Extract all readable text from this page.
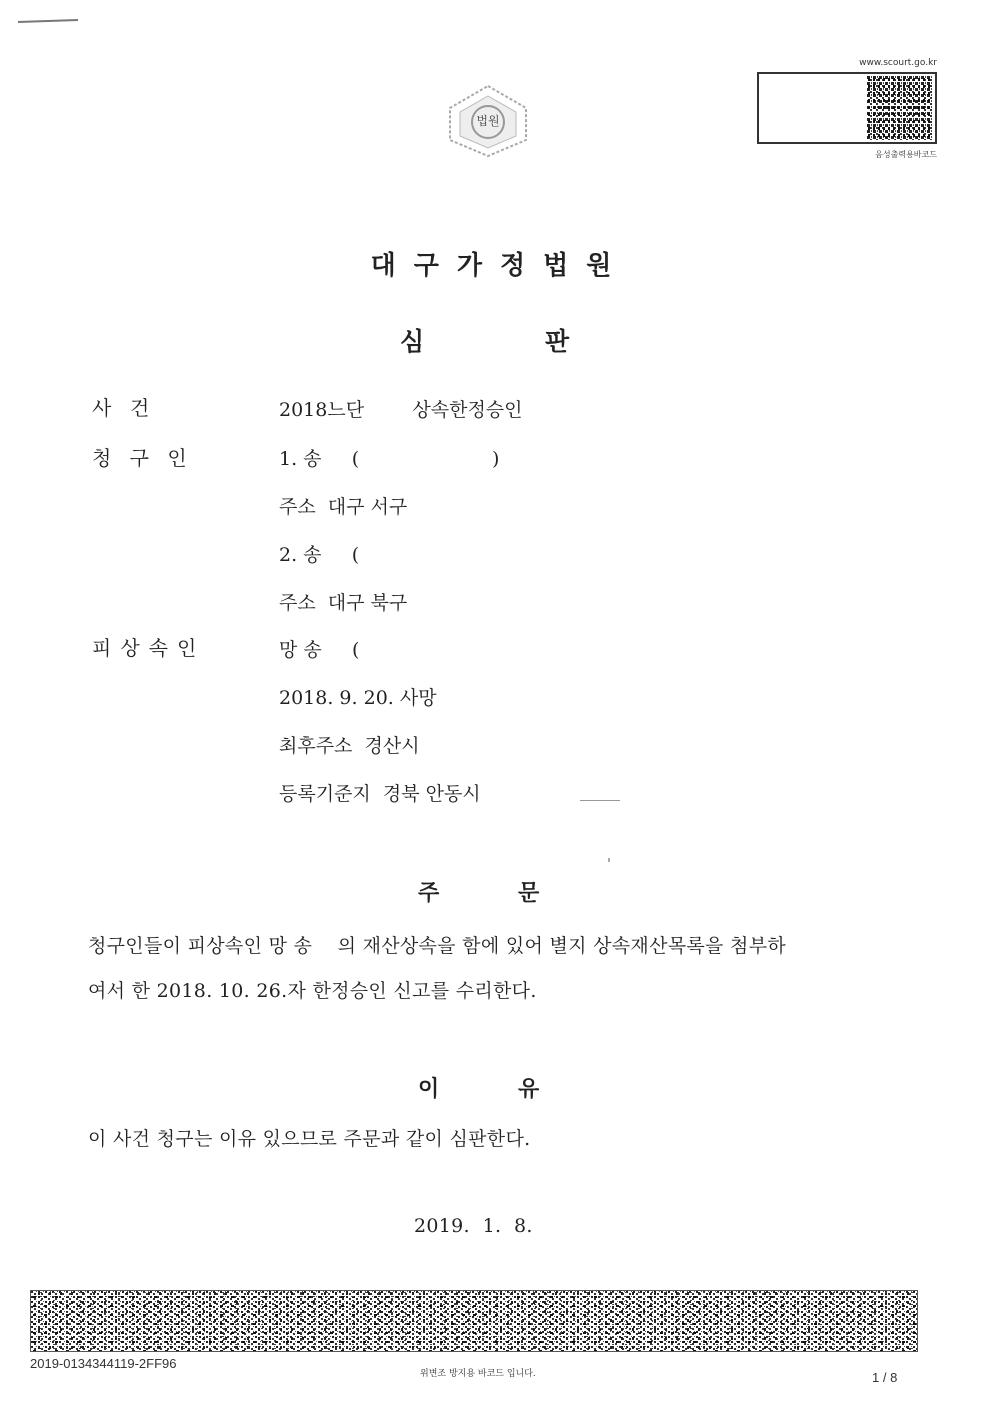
법원
www.scourt.go.kr
음성출력용바코드
대구가정법원
심	판
사  건	2018느단        상속한정승인
청 구 인	1. 송     (                      )
주소  대구 서구
2. 송     (
주소  대구 북구
피상속인	망 송     (
2018. 9. 20. 사망
최후주소  경산시
등록기준지  경북 안동시
주	문
청구인들이 피상속인 망 송    의 재산상속을 함에 있어 별지 상속재산목록을 첨부하
여서 한 2018. 10. 26.자 한정승인 신고를 수리한다.
이	유
이 사건 청구는 이유 있으므로 주문과 같이 심판한다.
2019.  1.  8.
2019-0134344119-2FF96
위변조 방지용 바코드 입니다.	1 / 8
